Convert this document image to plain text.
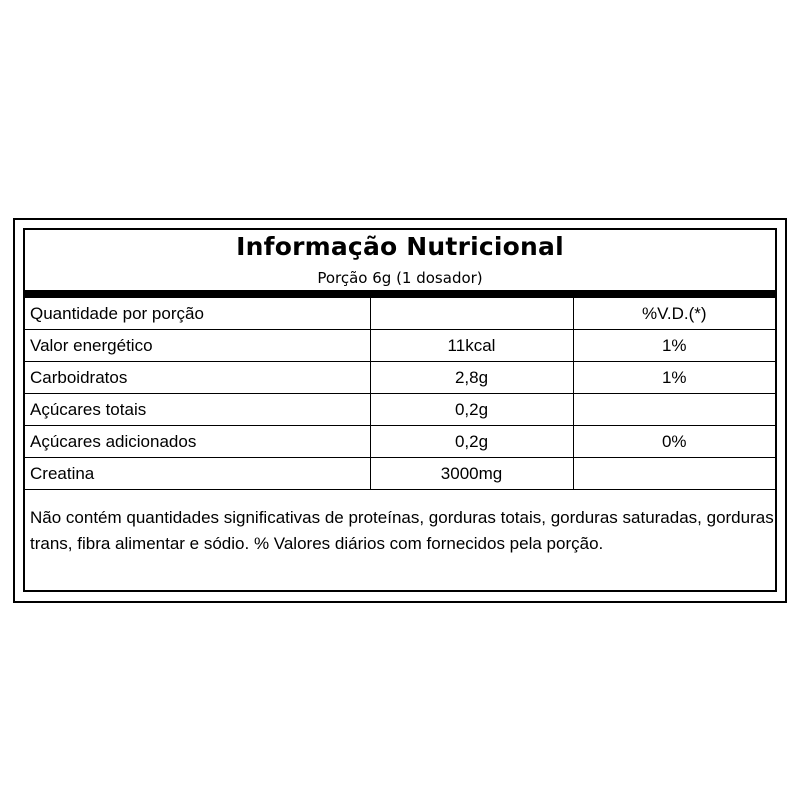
Informação Nutricional
Porção 6g (1 dosador)
Quantidade por porção		%V.D.(*)
Valor energético	11kcal	1%
Carboidratos	2,8g	1%
Açúcares totais	0,2g	
Açúcares adicionados	0,2g	0%
Creatina	3000mg	
Não contém quantidades significativas de proteínas, gorduras totais, gorduras saturadas, gorduras trans, fibra alimentar e sódio. % Valores diários com fornecidos pela porção.
